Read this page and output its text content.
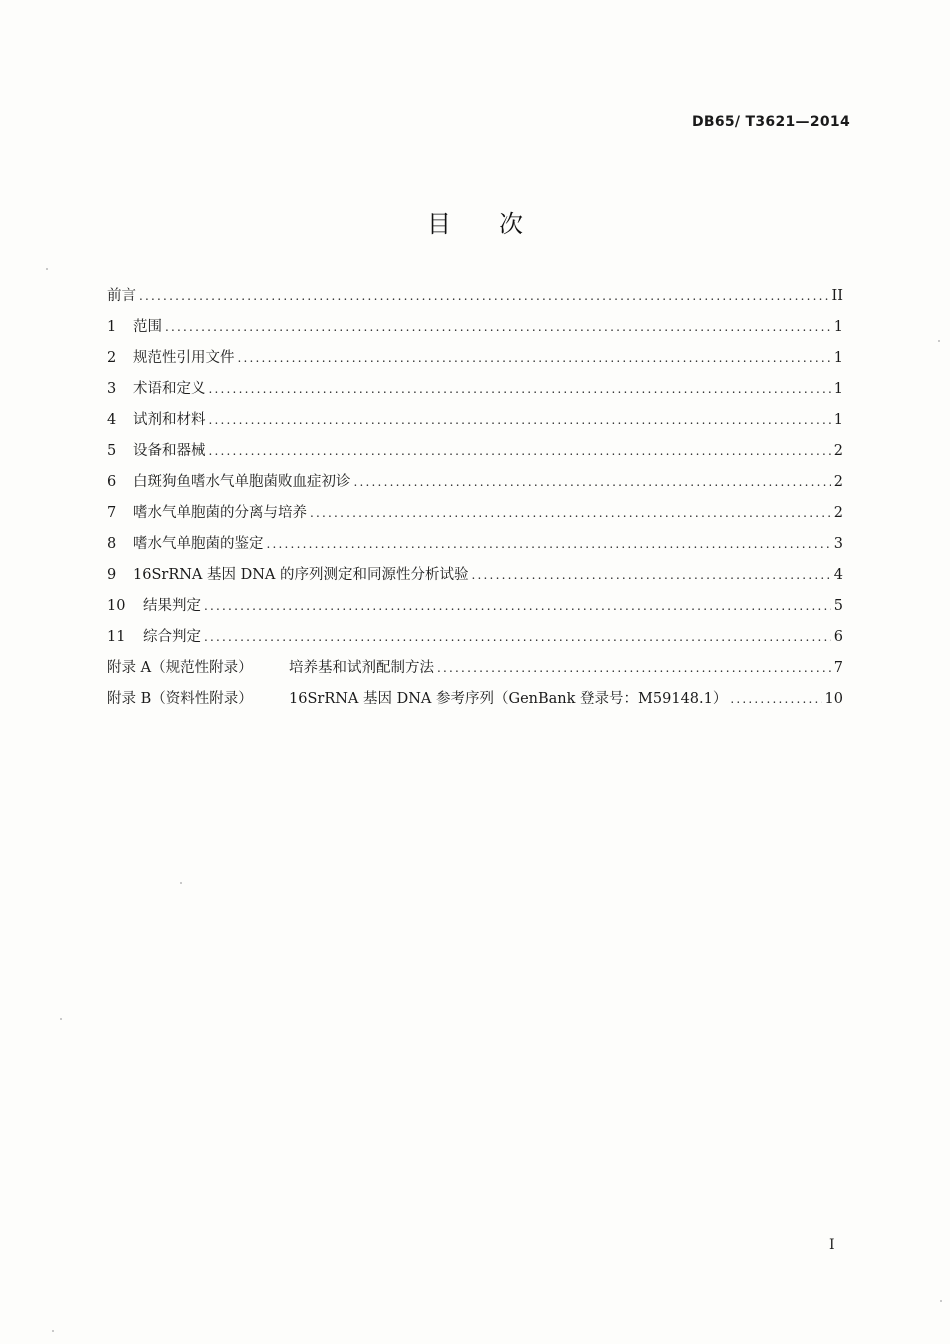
DB65/ T3621—2014
目 次
前言 .....	II
1	范围 .....	1
2	规范性引用文件 .....	1
3	术语和定义 .....	1
4	试剂和材料 .....	1
5	设备和器械 .....	2
6	白斑狗鱼嗜水气单胞菌败血症初诊 .....	2
7	嗜水气单胞菌的分离与培养 .....	2
8	嗜水气单胞菌的鉴定 .....	3
9	16SrRNA 基因 DNA 的序列测定和同源性分析试验 .....	4
10	结果判定 .....	5
11	综合判定 .....	6
附录 A（规范性附录）	培养基和试剂配制方法 .....	7
附录 B（资料性附录）	16SrRNA 基因 DNA 参考序列（GenBank 登录号：M59148.1） .....	10
I
